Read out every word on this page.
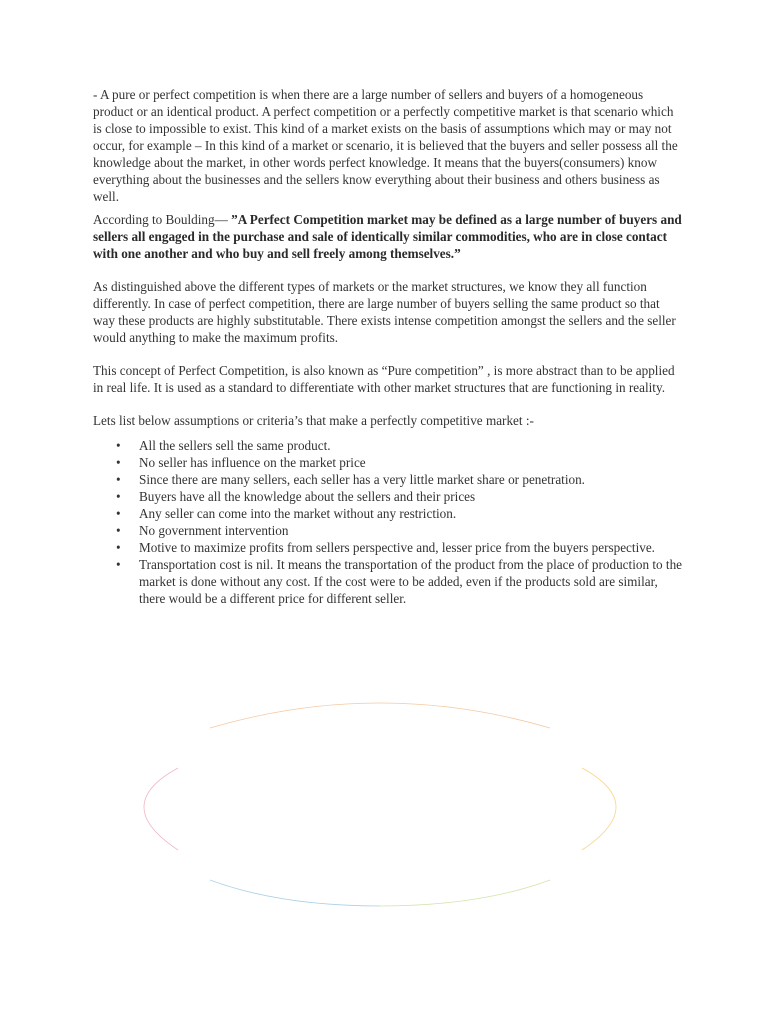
- A pure or perfect competition is when there are a large number of sellers and buyers of a homogeneous product or an identical product. A perfect competition or a perfectly competitive market is that scenario which is close to impossible to exist. This kind of a market exists on the basis of assumptions which may or may not occur, for example – In this kind of a market or scenario, it is believed that the buyers and seller possess all the knowledge about the market, in other words perfect knowledge. It means that the buyers(consumers) know everything about the businesses and the sellers know everything about their business and others business as well.

According to Boulding— ”A Perfect Competition market may be defined as a large number of buyers and sellers all engaged in the purchase and sale of identically similar commodities, who are in close contact with one another and who buy and sell freely among themselves.”

As distinguished above the different types of markets or the market structures, we know they all function differently. In case of perfect competition, there are large number of buyers selling the same product so that way these products are highly substitutable. There exists intense competition amongst the sellers and the seller would anything to make the maximum profits.

This concept of Perfect Competition, is also known as “Pure competition” , is more abstract than to be applied in real life. It is used as a standard to differentiate with other market structures that are functioning in reality.

Lets list below assumptions or criteria’s that make a perfectly competitive market :-

• All the sellers sell the same product.
• No seller has influence on the market price
• Since there are many sellers, each seller has a very little market share or penetration.
• Buyers have all the knowledge about the sellers and their prices
• Any seller can come into the market without any restriction.
• No government intervention
• Motive to maximize profits from sellers perspective and, lesser price from the buyers perspective.
• Transportation cost is nil. It means the transportation of the product from the place of production to the market is done without any cost. If the cost were to be added, even if the products sold are similar, there would be a different price for different seller.
